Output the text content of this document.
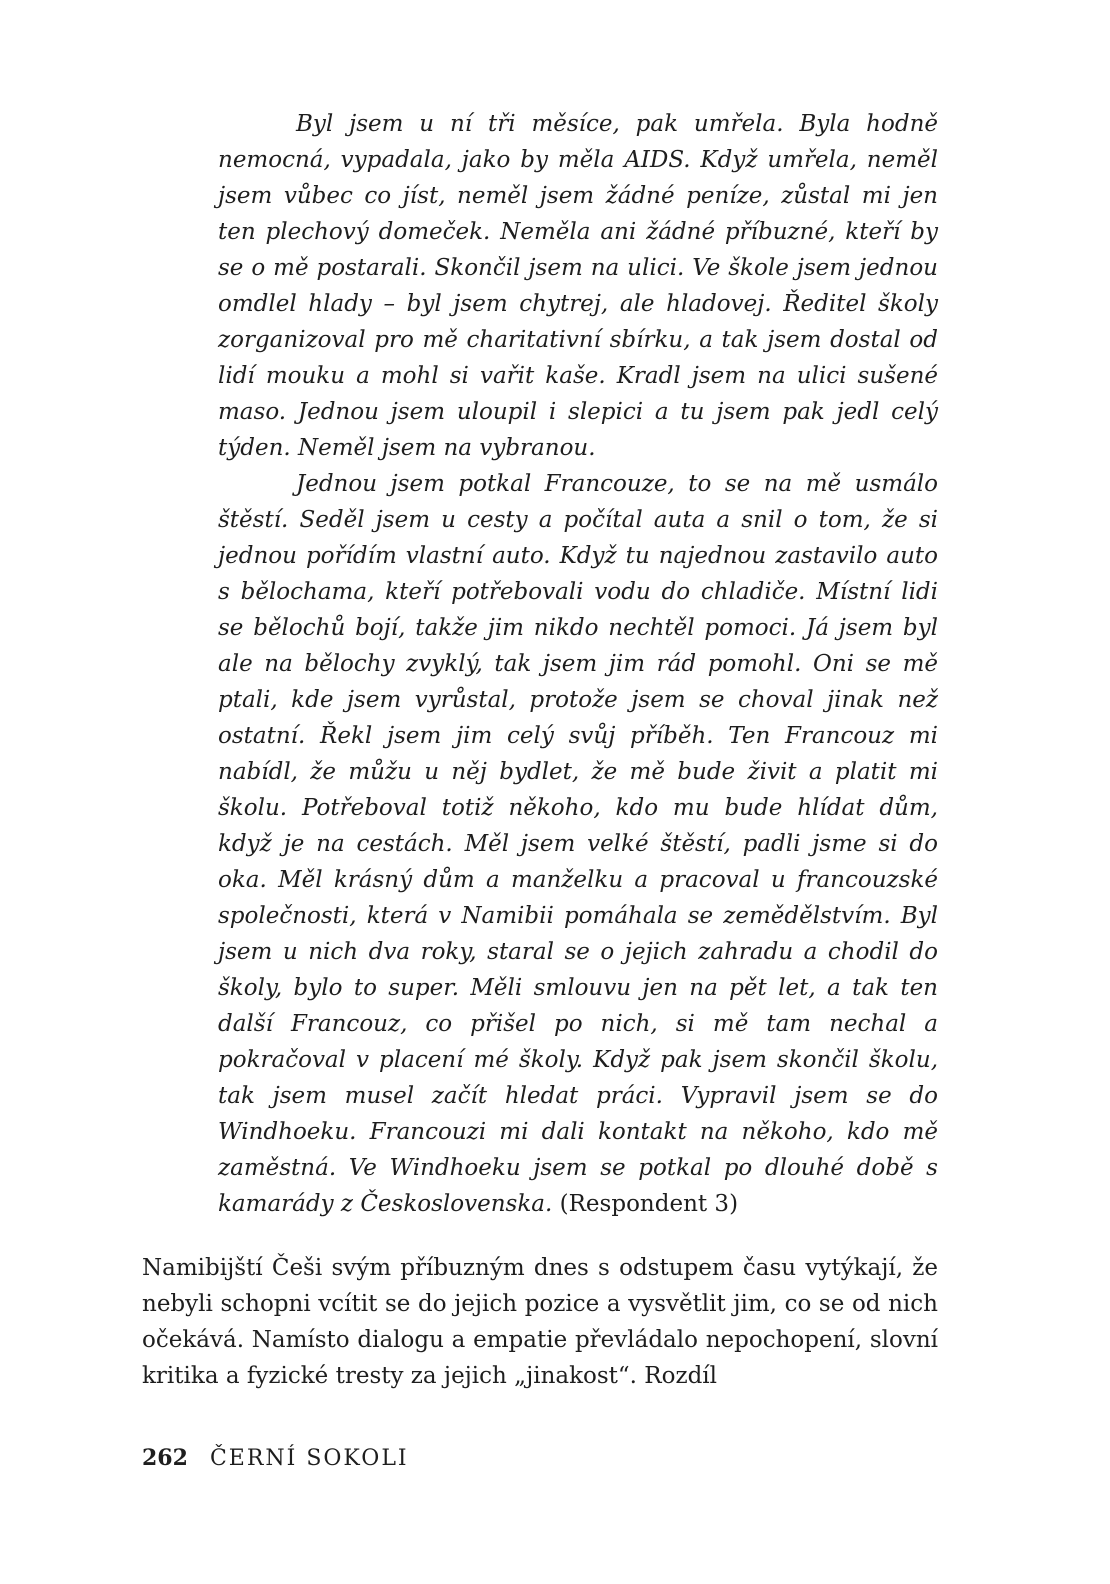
Byl jsem u ní tři měsíce, pak umřela. Byla hodně nemocná, vypadala, jako by měla AIDS. Když umřela, neměl jsem vůbec co jíst, neměl jsem žádné peníze, zůstal mi jen ten plechový domeček. Neměla ani žádné příbuzné, kteří by se o mě postarali. Skončil jsem na ulici. Ve škole jsem jednou omdlel hlady – byl jsem chytrej, ale hladovej. Ředitel školy zorganizoval pro mě charitativní sbírku, a tak jsem dostal od lidí mouku a mohl si vařit kaše. Kradl jsem na ulici sušené maso. Jednou jsem uloupil i slepici a tu jsem pak jedl celý týden. Neměl jsem na vybranou.

Jednou jsem potkal Francouze, to se na mě usmálo štěstí. Seděl jsem u cesty a počítal auta a snil o tom, že si jednou pořídím vlastní auto. Když tu najednou zastavilo auto s bělochama, kteří potřebovali vodu do chladiče. Místní lidi se bělochů bojí, takže jim nikdo nechtěl pomoci. Já jsem byl ale na bělochy zvyklý, tak jsem jim rád pomohl. Oni se mě ptali, kde jsem vyrůstal, protože jsem se choval jinak než ostatní. Řekl jsem jim celý svůj příběh. Ten Francouz mi nabídl, že můžu u něj bydlet, že mě bude živit a platit mi školu. Potřeboval totiž někoho, kdo mu bude hlídat dům, když je na cestách. Měl jsem velké štěstí, padli jsme si do oka. Měl krásný dům a manželku a pracoval u francouzské společnosti, která v Namibii pomáhala se zemědělstvím. Byl jsem u nich dva roky, staral se o jejich zahradu a chodil do školy, bylo to super. Měli smlouvu jen na pět let, a tak ten další Francouz, co přišel po nich, si mě tam nechal a pokračoval v placení mé školy. Když pak jsem skončil školu, tak jsem musel začít hledat práci. Vypravil jsem se do Windhoeku. Francouzi mi dali kontakt na někoho, kdo mě zaměstná. Ve Windhoeku jsem se potkal po dlouhé době s kamarády z Československa. (Respondent 3)

Namibijští Češi svým příbuzným dnes s odstupem času vytýkají, že nebyli schopni vcítit se do jejich pozice a vysvětlit jim, co se od nich očekává. Namísto dialogu a empatie převládalo nepochopení, slovní kritika a fyzické tresty za jejich „jinakost“. Rozdíl

262 ČERNÍ SOKOLI
